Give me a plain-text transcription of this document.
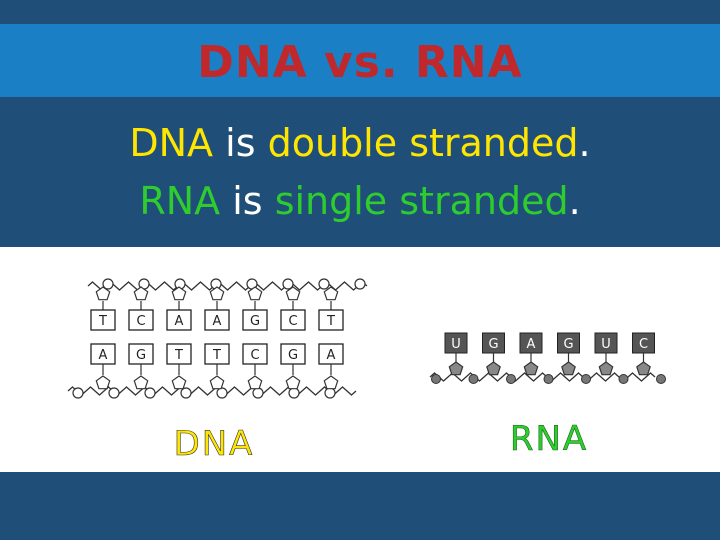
DNA vs. RNA
DNA is double stranded.
RNA is single stranded.
T C A A G C T
A G T T C G A
DNA
U G A G U C
RNA
